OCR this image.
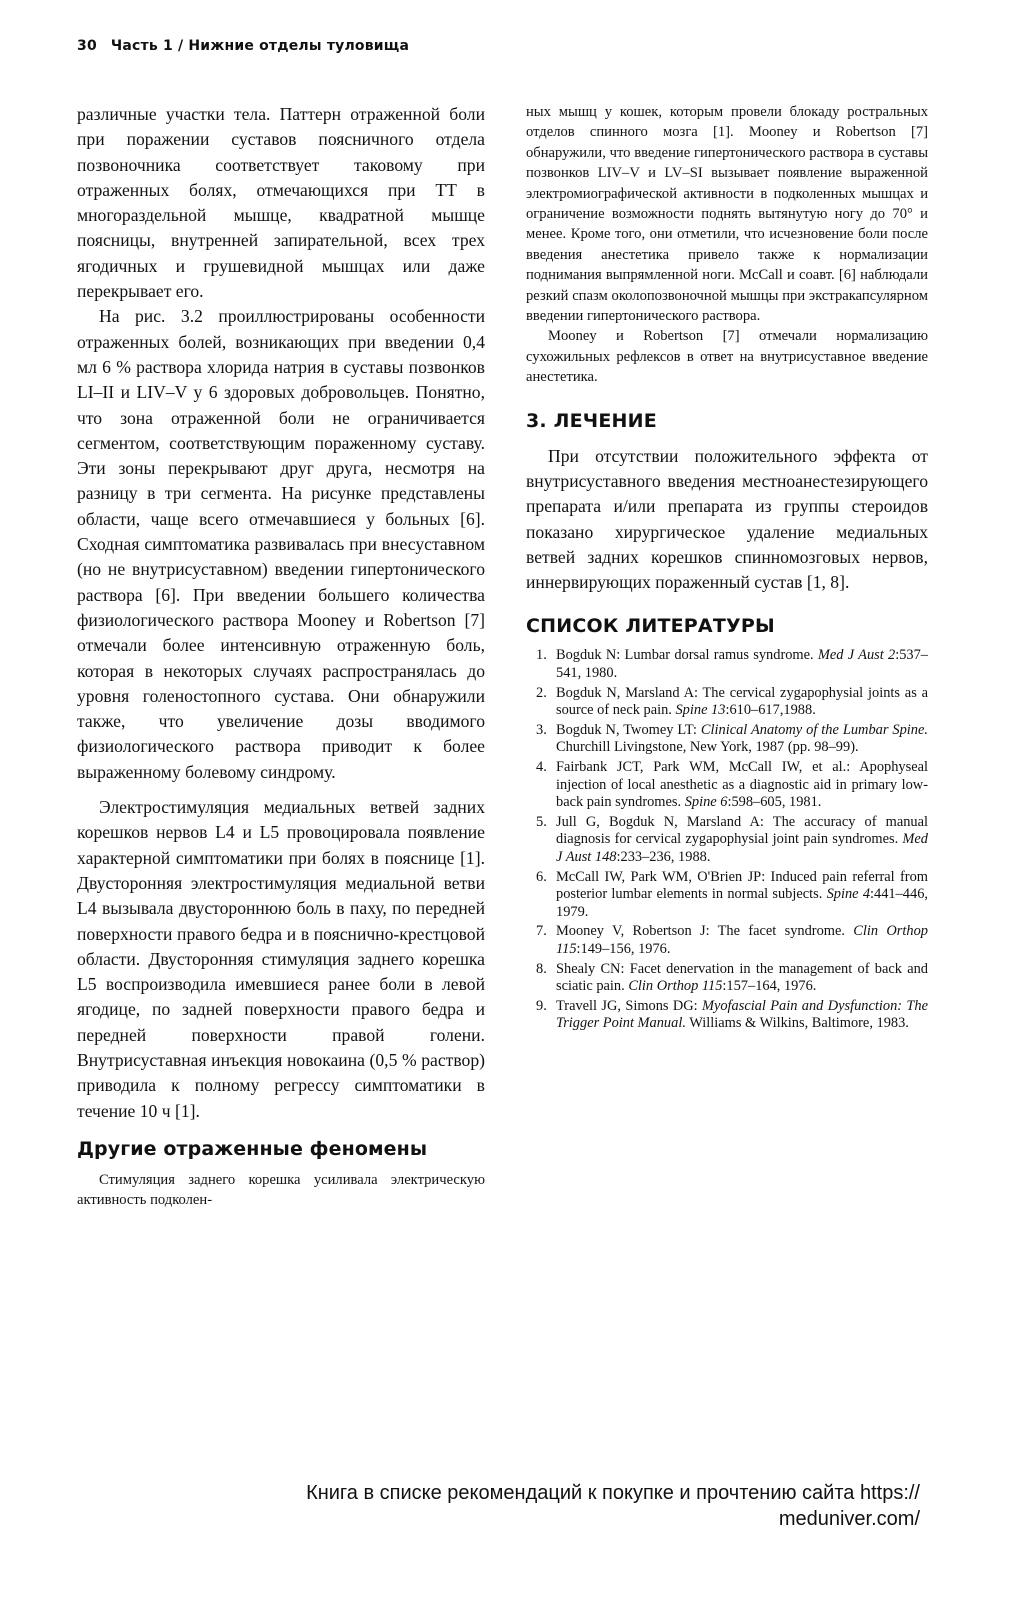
30 Часть 1 / Нижние отделы туловища

различные участки тела. Паттерн отраженной боли при поражении суставов поясничного отдела позвоночника соответствует таковому при отраженных болях, отмечающихся при ТТ в многораздельной мышце, квадратной мышце поясницы, внутренней запирательной, всех трех ягодичных и грушевидной мышцах или даже перекрывает его.

На рис. 3.2 проиллюстрированы особенности отраженных болей, возникающих при введении 0,4 мл 6 % раствора хлорида натрия в суставы позвонков LI–II и LIV–V у 6 здоровых добровольцев. Понятно, что зона отраженной боли не ограничивается сегментом, соответствующим пораженному суставу. Эти зоны перекрывают друг друга, несмотря на разницу в три сегмента. На рисунке представлены области, чаще всего отмечавшиеся у больных [6]. Сходная симптоматика развивалась при внесуставном (но не внутрисуставном) введении гипертонического раствора [6]. При введении большего количества физиологического раствора Mooney и Robertson [7] отмечали более интенсивную отраженную боль, которая в некоторых случаях распространялась до уровня голеностопного сустава. Они обнаружили также, что увеличение дозы вводимого физиологического раствора приводит к более выраженному болевому синдрому.

Электростимуляция медиальных ветвей задних корешков нервов L4 и L5 провоцировала появление характерной симптоматики при болях в пояснице [1]. Двусторонняя электростимуляция медиальной ветви L4 вызывала двустороннюю боль в паху, по передней поверхности правого бедра и в пояснично-крестцовой области. Двусторонняя стимуляция заднего корешка L5 воспроизводила имевшиеся ранее боли в левой ягодице, по задней поверхности правого бедра и передней поверхности правой голени. Внутрисуставная инъекция новокаина (0,5 % раствор) приводила к полному регрессу симптоматики в течение 10 ч [1].

Другие отраженные феномены

Стимуляция заднего корешка усиливала электрическую активность подколен-

ных мышц у кошек, которым провели блокаду ростральных отделов спинного мозга [1]. Mooney и Robertson [7] обнаружили, что введение гипертонического раствора в суставы позвонков LIV–V и LV–SI вызывает появление выраженной электромиографической активности в подколенных мышцах и ограничение возможности поднять вытянутую ногу до 70° и менее. Кроме того, они отметили, что исчезновение боли после введения анестетика привело также к нормализации поднимания выпрямленной ноги. McCall и соавт. [6] наблюдали резкий спазм околопозвоночной мышцы при экстракапсулярном введении гипертонического раствора.

Mooney и Robertson [7] отмечали нормализацию сухожильных рефлексов в ответ на внутрисуставное введение анестетика.

3. ЛЕЧЕНИЕ

При отсутствии положительного эффекта от внутрисуставного введения местноанестезирующего препарата и/или препарата из группы стероидов показано хирургическое удаление медиальных ветвей задних корешков спинномозговых нервов, иннервирующих пораженный сустав [1, 8].

СПИСОК ЛИТЕРАТУРЫ
1. Bogduk N: Lumbar dorsal ramus syndrome. Med J Aust 2:537–541, 1980.
2. Bogduk N, Marsland A: The cervical zygapophysial joints as a source of neck pain. Spine 13:610–617,1988.
3. Bogduk N, Twomey LT: Clinical Anatomy of the Lumbar Spine. Churchill Livingstone, New York, 1987 (pp. 98–99).
4. Fairbank JCT, Park WM, McCall IW, et al.: Apophyseal injection of local anesthetic as a diagnostic aid in primary low-back pain syndromes. Spine 6:598–605, 1981.
5. Jull G, Bogduk N, Marsland A: The accuracy of manual diagnosis for cervical zygapophysial joint pain syndromes. Med J Aust 148:233–236, 1988.
6. McCall IW, Park WM, O'Brien JP: Induced pain referral from posterior lumbar elements in normal subjects. Spine 4:441–446, 1979.
7. Mooney V, Robertson J: The facet syndrome. Clin Orthop 115:149–156, 1976.
8. Shealy CN: Facet denervation in the management of back and sciatic pain. Clin Orthop 115:157–164, 1976.
9. Travell JG, Simons DG: Myofascial Pain and Dysfunction: The Trigger Point Manual. Williams & Wilkins, Baltimore, 1983.
Книга в списке рекомендаций к покупке и прочтению сайта https://
meduniver.com/
